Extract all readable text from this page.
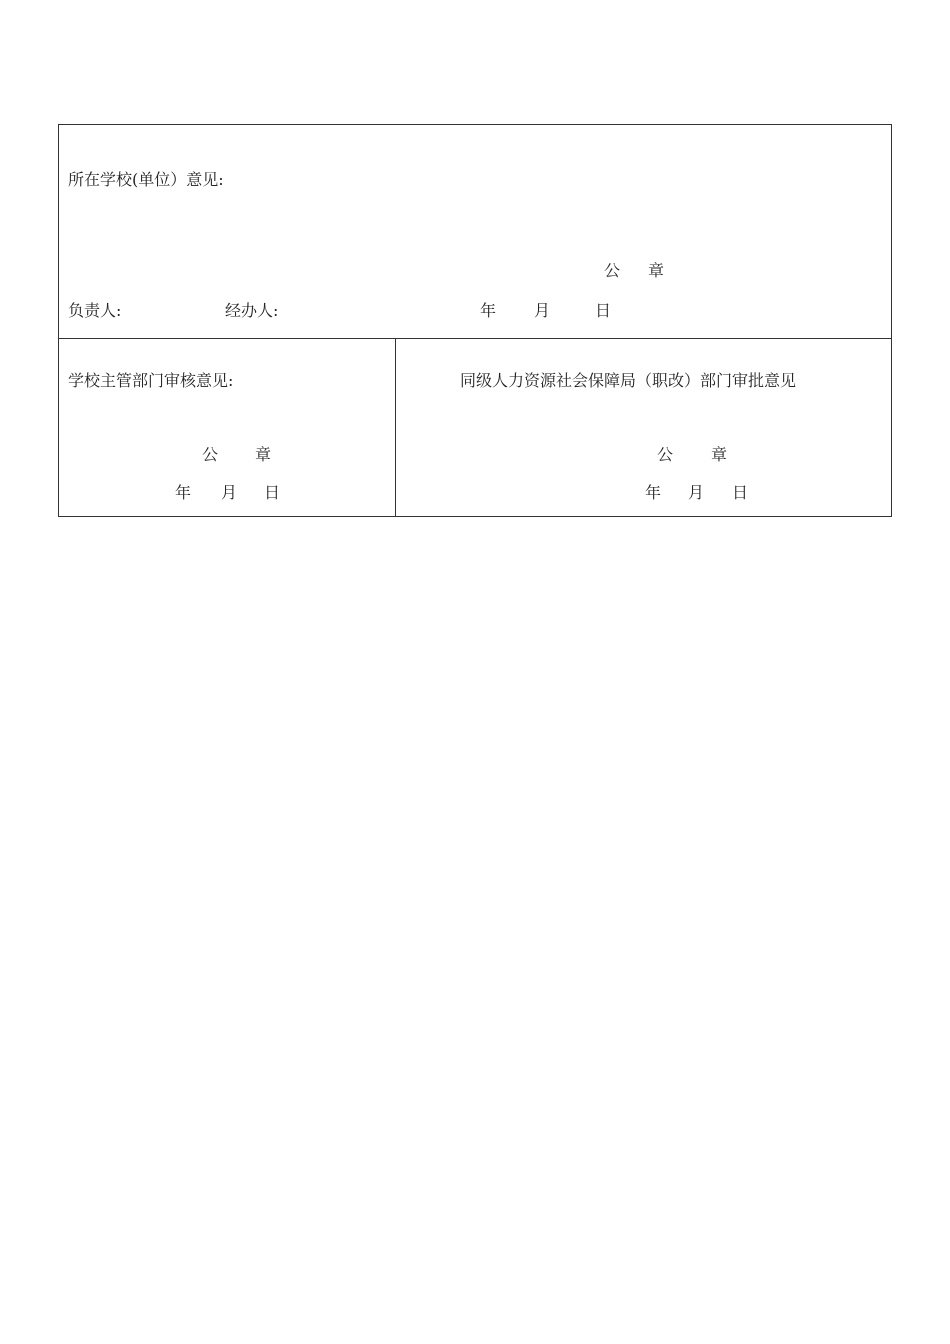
所在学校(单位）意见:
公 章
负责人:	经办人:	年 月	日
学校主管部门审核意见:
公 章
年 月 日
同级人力资源社会保障局（职改）部门审批意见
公 章
年 月 日
